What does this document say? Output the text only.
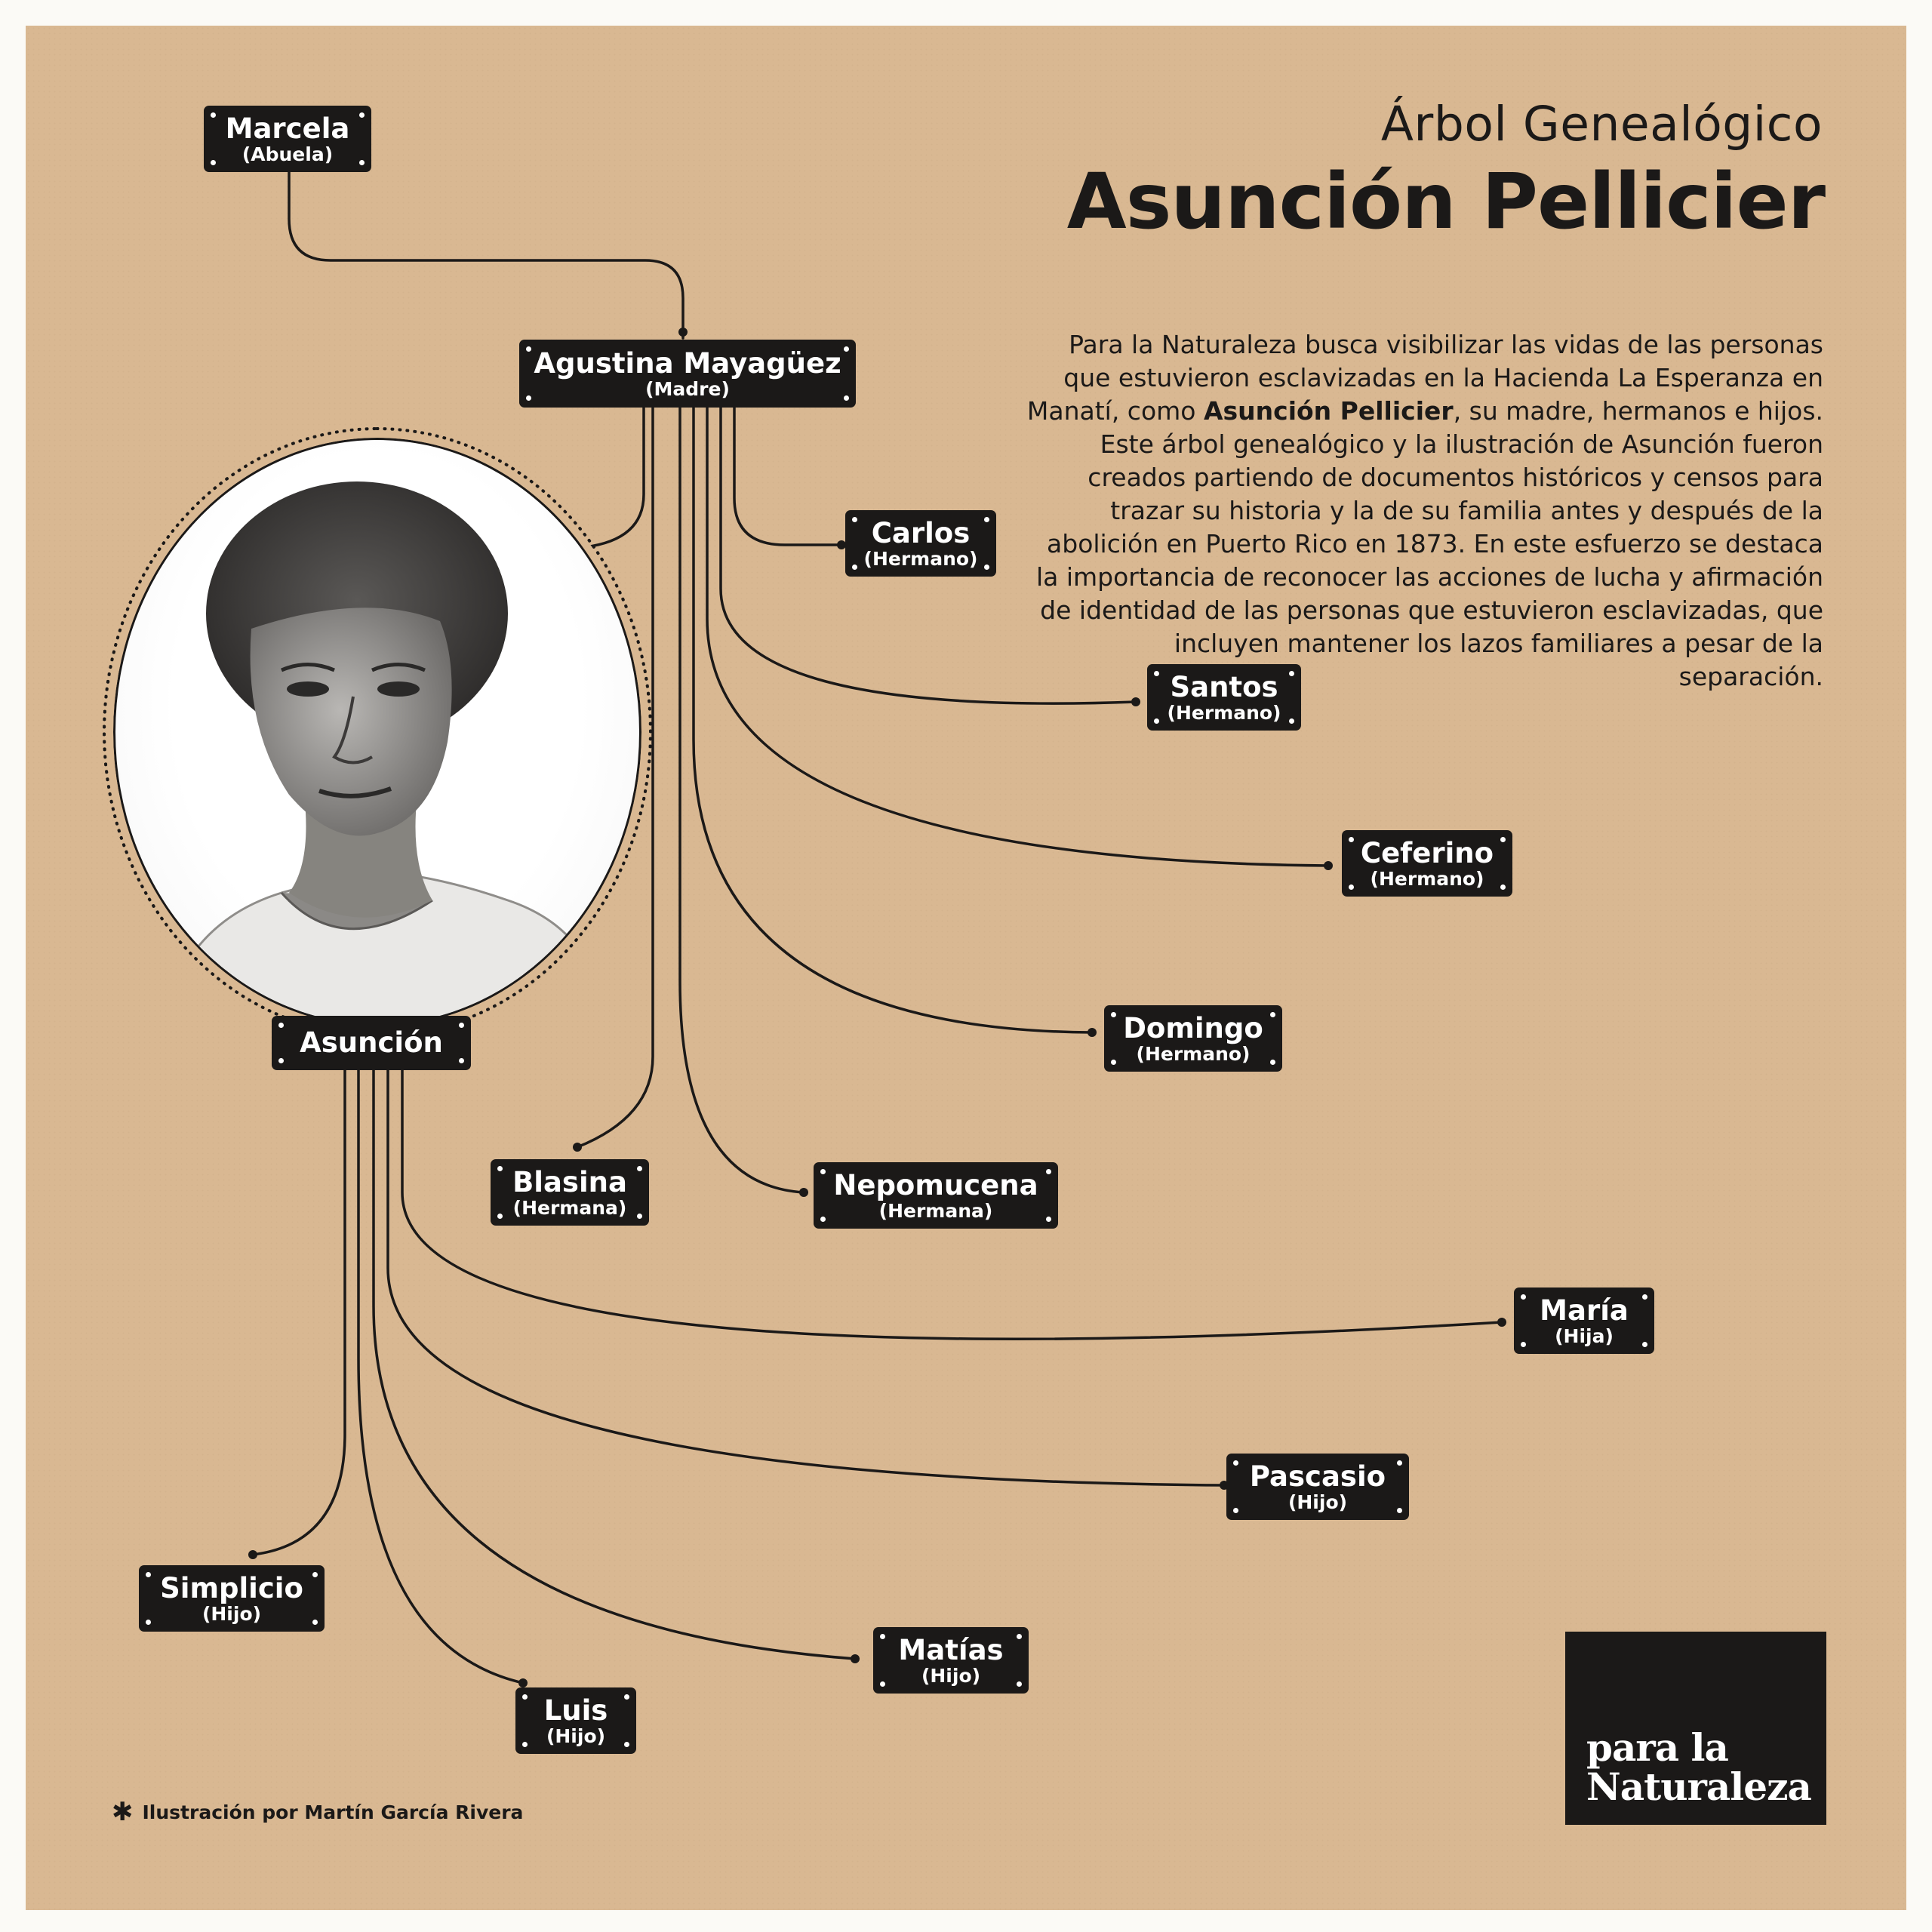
Árbol Genealógico
Asunción Pellicier

Para la Naturaleza busca visibilizar las vidas de las personas que estuvieron esclavizadas en la Hacienda La Esperanza en Manatí, como Asunción Pellicier, su madre, hermanos e hijos. Este árbol genealógico y la ilustración de Asunción fueron creados partiendo de documentos históricos y censos para trazar su historia y la de su familia antes y después de la abolición en Puerto Rico en 1873. En este esfuerzo se destaca la importancia de reconocer las acciones de lucha y afirmación de identidad de las personas que estuvieron esclavizadas, que incluyen mantener los lazos familiares a pesar de la separación.

Marcela
(Abuela)
Agustina Mayagüez
(Madre)
Asunción
Carlos
(Hermano)
Santos
(Hermano)
Ceferino
(Hermano)
Domingo
(Hermano)
Blasina
(Hermana)
Nepomucena
(Hermana)
María
(Hija)
Pascasio
(Hijo)
Simplicio
(Hijo)
Matías
(Hijo)
Luis
(Hijo)
✱ Ilustración por Martín García Rivera
para la
Naturaleza
